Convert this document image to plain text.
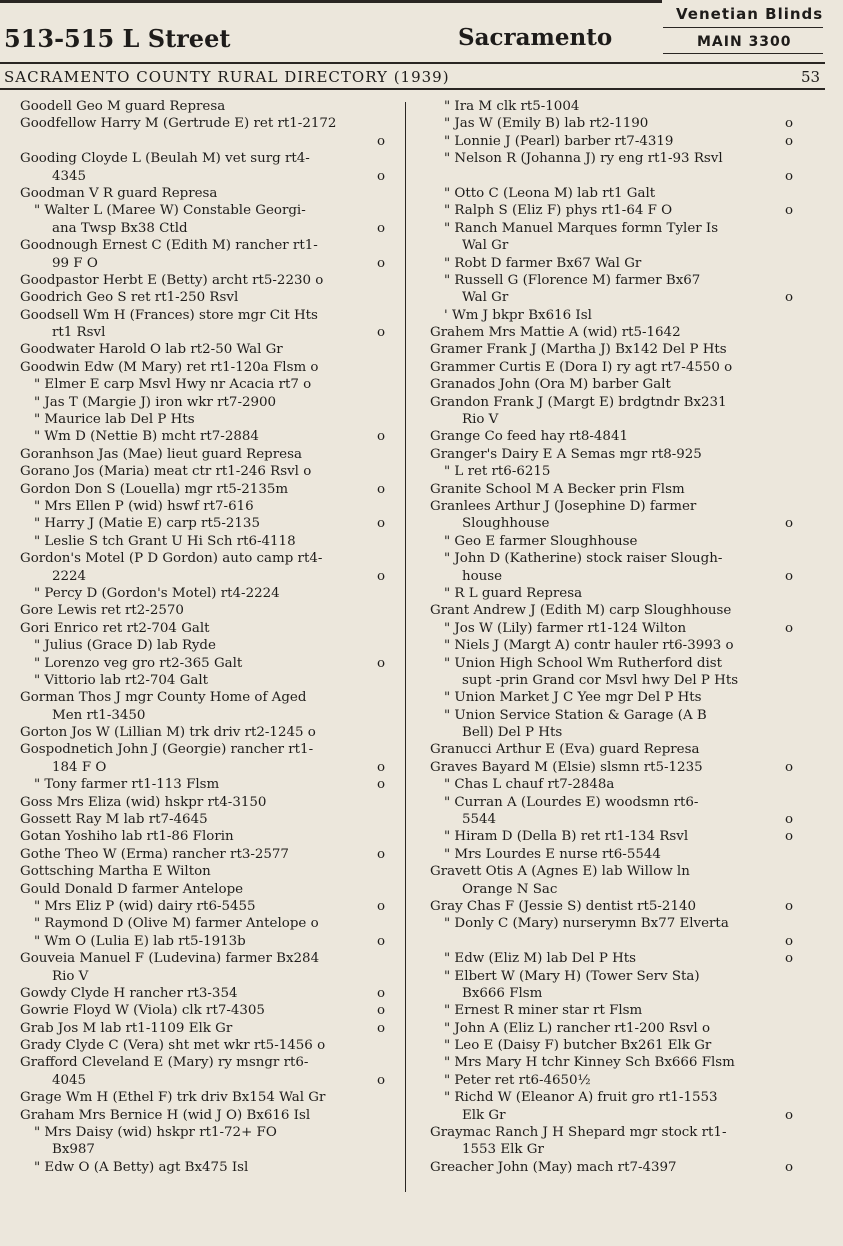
513-515 L Street	Sacramento
Venetian Blinds
MAIN 3300
SACRAMENTO COUNTY RURAL DIRECTORY (1939)	53
Goodell Geo M guard Represa
Goodfellow Harry M (Gertrude E) ret rt1-2172
o
Gooding Cloyde L (Beulah M) vet surg rt4-
4345	o
Goodman V R guard Represa
" Walter L (Maree W) Constable Georgi-
ana Twsp Bx38 Ctld	o
Goodnough Ernest C (Edith M) rancher rt1-
99 F O	o
Goodpastor Herbt E (Betty) archt rt5-2230 o
Goodrich Geo S ret rt1-250 Rsvl
Goodsell Wm H (Frances) store mgr Cit Hts
rt1 Rsvl	o
Goodwater Harold O lab rt2-50 Wal Gr
Goodwin Edw (M Mary) ret rt1-120a Flsm o
" Elmer E carp Msvl Hwy nr Acacia rt7 o
" Jas T (Margie J) iron wkr rt7-2900
" Maurice lab Del P Hts
" Wm D (Nettie B) mcht rt7-2884	o
Goranhson Jas (Mae) lieut guard Represa
Gorano Jos (Maria) meat ctr rt1-246 Rsvl o
Gordon Don S (Louella) mgr rt5-2135m	o
" Mrs Ellen P (wid) hswf rt7-616
" Harry J (Matie E) carp rt5-2135	o
" Leslie S tch Grant U Hi Sch rt6-4118
Gordon's Motel (P D Gordon) auto camp rt4-
2224	o
" Percy D (Gordon's Motel) rt4-2224
Gore Lewis ret rt2-2570
Gori Enrico ret rt2-704 Galt
" Julius (Grace D) lab Ryde
" Lorenzo veg gro rt2-365 Galt	o
" Vittorio lab rt2-704 Galt
Gorman Thos J mgr County Home of Aged
Men rt1-3450
Gorton Jos W (Lillian M) trk driv rt2-1245 o
Gospodnetich John J (Georgie) rancher rt1-
184 F O	o
" Tony farmer rt1-113 Flsm	o
Goss Mrs Eliza (wid) hskpr rt4-3150
Gossett Ray M lab rt7-4645
Gotan Yoshiho lab rt1-86 Florin
Gothe Theo W (Erma) rancher rt3-2577	o
Gottsching Martha E Wilton
Gould Donald D farmer Antelope
" Mrs Eliz P (wid) dairy rt6-5455	o
" Raymond D (Olive M) farmer Antelope o
" Wm O (Lulia E) lab rt5-1913b	o
Gouveia Manuel F (Ludevina) farmer Bx284
Rio V
Gowdy Clyde H rancher rt3-354	o
Gowrie Floyd W (Viola) clk rt7-4305	o
Grab Jos M lab rt1-1109 Elk Gr	o
Grady Clyde C (Vera) sht met wkr rt5-1456 o
Grafford Cleveland E (Mary) ry msngr rt6-
4045	o
Grage Wm H (Ethel F) trk driv Bx154 Wal Gr
Graham Mrs Bernice H (wid J O) Bx616 Isl
" Mrs Daisy (wid) hskpr rt1-72+ FO
Bx987
" Edw O (A Betty) agt Bx475 Isl
" Ira M clk rt5-1004
" Jas W (Emily B) lab rt2-1190	o
" Lonnie J (Pearl) barber rt7-4319	o
" Nelson R (Johanna J) ry eng rt1-93 Rsvl
o
" Otto C (Leona M) lab rt1 Galt
" Ralph S (Eliz F) phys rt1-64 F O	o
" Ranch Manuel Marques formn Tyler Is
Wal Gr
" Robt D farmer Bx67 Wal Gr
" Russell G (Florence M) farmer Bx67
Wal Gr	o
' Wm J bkpr Bx616 Isl
Grahem Mrs Mattie A (wid) rt5-1642
Gramer Frank J (Martha J) Bx142 Del P Hts
Grammer Curtis E (Dora I) ry agt rt7-4550 o
Granados John (Ora M) barber Galt
Grandon Frank J (Margt E) brdgtndr Bx231
Rio V
Grange Co feed hay rt8-4841
Granger's Dairy E A Semas mgr rt8-925
" L ret rt6-6215
Granite School M A Becker prin Flsm
Granlees Arthur J (Josephine D) farmer
Sloughhouse	o
" Geo E farmer Sloughhouse
" John D (Katherine) stock raiser Slough-
house	o
" R L guard Represa
Grant Andrew J (Edith M) carp Sloughhouse
" Jos W (Lily) farmer rt1-124 Wilton	o
" Niels J (Margt A) contr hauler rt6-3993 o
" Union High School Wm Rutherford dist
supt -prin Grand cor Msvl hwy Del P Hts
" Union Market J C Yee mgr Del P Hts
" Union Service Station & Garage (A B
Bell) Del P Hts
Granucci Arthur E (Eva) guard Represa
Graves Bayard M (Elsie) slsmn rt5-1235	o
" Chas L chauf rt7-2848a
" Curran A (Lourdes E) woodsmn rt6-
5544	o
" Hiram D (Della B) ret rt1-134 Rsvl	o
" Mrs Lourdes E nurse rt6-5544
Gravett Otis A (Agnes E) lab Willow ln
Orange N Sac
Gray Chas F (Jessie S) dentist rt5-2140	o
" Donly C (Mary) nurserymn Bx77 Elverta
o
" Edw (Eliz M) lab Del P Hts	o
" Elbert W (Mary H) (Tower Serv Sta)
Bx666 Flsm
" Ernest R miner star rt Flsm
" John A (Eliz L) rancher rt1-200 Rsvl o
" Leo E (Daisy F) butcher Bx261 Elk Gr
" Mrs Mary H tchr Kinney Sch Bx666 Flsm
" Peter ret rt6-4650½
" Richd W (Eleanor A) fruit gro rt1-1553
Elk Gr	o
Graymac Ranch J H Shepard mgr stock rt1-
1553 Elk Gr
Greacher John (May) mach rt7-4397	o
